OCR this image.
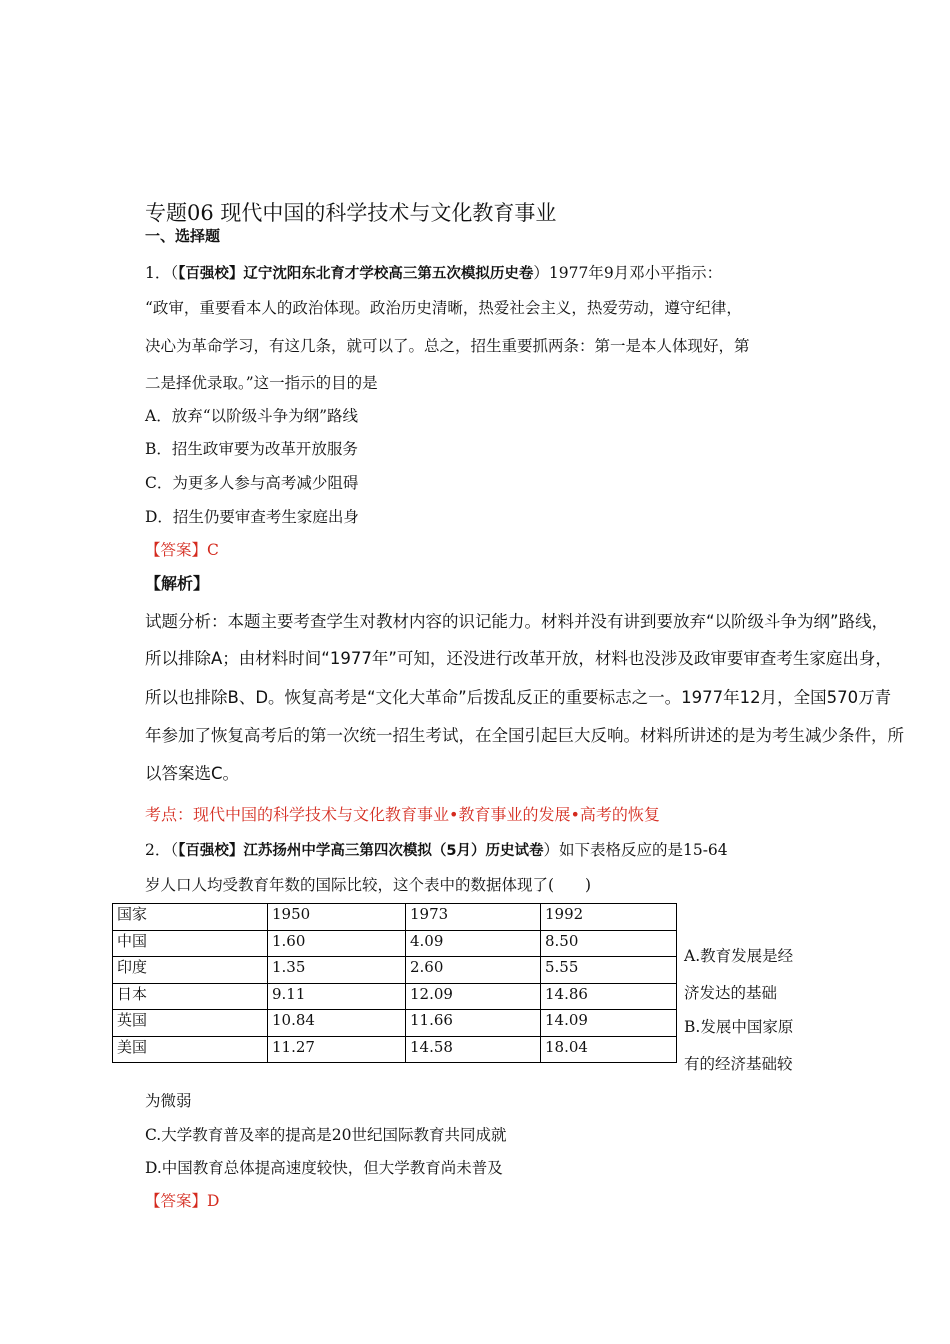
专题06 现代中国的科学技术与文化教育事业
一、选择题
1．（【百强校】辽宁沈阳东北育才学校高三第五次模拟历史卷）1977年9月邓小平指示：
“政审，重要看本人的政治体现。政治历史清晰，热爱社会主义，热爱劳动，遵守纪律，
决心为革命学习，有这几条，就可以了。总之，招生重要抓两条：第一是本人体现好，第
二是择优录取。”这一指示的目的是
A．放弃“以阶级斗争为纲”路线
B．招生政审要为改革开放服务
C．为更多人参与高考减少阻碍
D．招生仍要审查考生家庭出身
【答案】C
【解析】
试题分析：本题主要考查学生对教材内容的识记能力。材料并没有讲到要放弃“以阶级斗争为纲”路线，
所以排除A；由材料时间“1977年”可知，还没进行改革开放，材料也没涉及政审要审查考生家庭出身，
所以也排除B、D。恢复高考是“文化大革命”后拨乱反正的重要标志之一。1977年12月，全国570万青
年参加了恢复高考后的第一次统一招生考试，在全国引起巨大反响。材料所讲述的是为考生减少条件，所
以答案选C。
考点：现代中国的科学技术与文化教育事业•教育事业的发展•高考的恢复
2．（【百强校】江苏扬州中学高三第四次模拟（5月）历史试卷）如下表格反应的是15-64
岁人口人均受教育年数的国际比较，这个表中的数据体现了(　　)
国家	1950	1973	1992
中国	1.60	4.09	8.50
印度	1.35	2.60	5.55
日本	9.11	12.09	14.86
英国	10.84	11.66	14.09
美国	11.27	14.58	18.04
A.教育发展是经
济发达的基础
B.发展中国家原
有的经济基础较
为微弱
C.大学教育普及率的提高是20世纪国际教育共同成就
D.中国教育总体提高速度较快，但大学教育尚未普及
【答案】D
